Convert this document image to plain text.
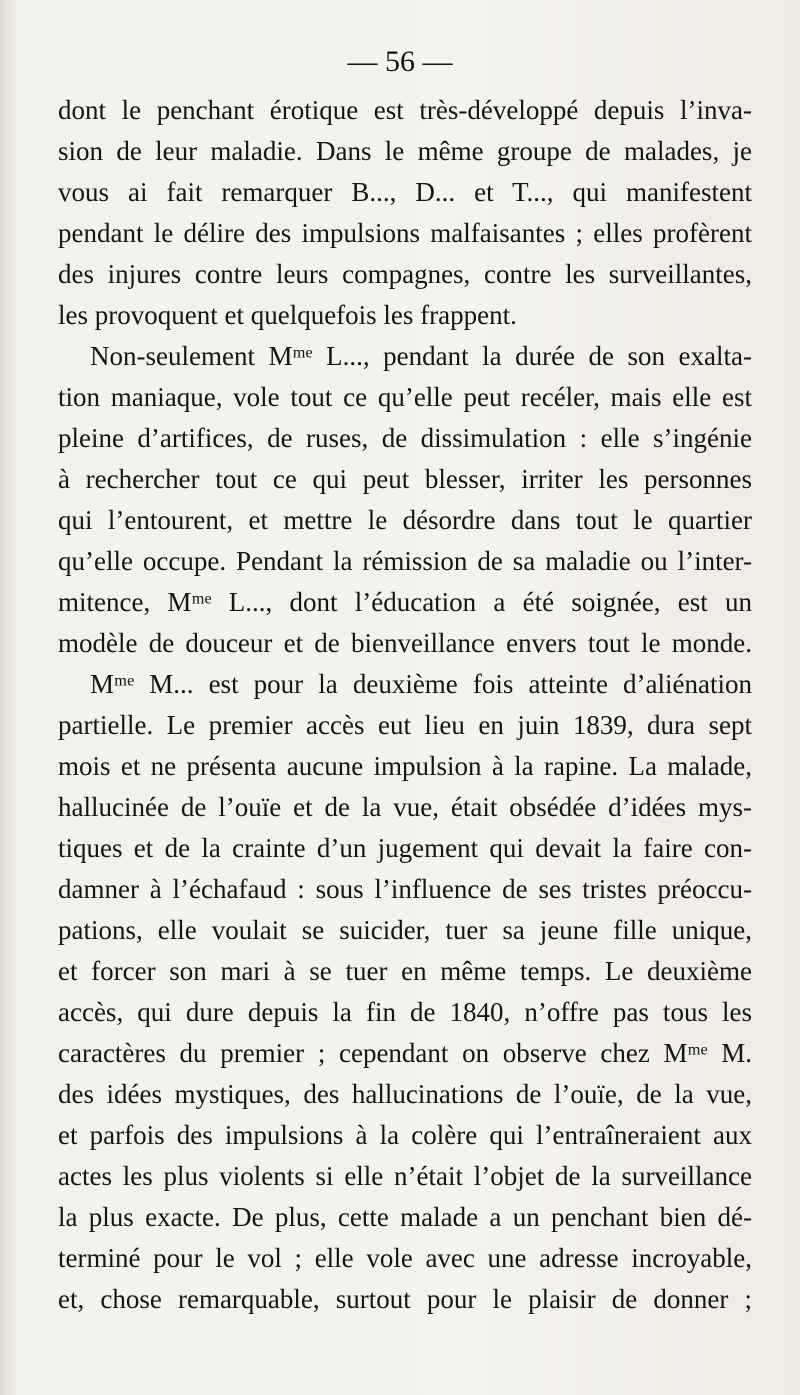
— 56 —

dont le penchant érotique est très-développé depuis l’inva-
sion de leur maladie. Dans le même groupe de malades, je
vous ai fait remarquer B..., D... et T..., qui manifestent
pendant le délire des impulsions malfaisantes ; elles profèrent
des injures contre leurs compagnes, contre les surveillantes,
les provoquent et quelquefois les frappent.
Non-seulement Mᵐᵉ L..., pendant la durée de son exalta-
tion maniaque, vole tout ce qu’elle peut recéler, mais elle est
pleine d’artifices, de ruses, de dissimulation : elle s’ingénie
à rechercher tout ce qui peut blesser, irriter les personnes
qui l’entourent, et mettre le désordre dans tout le quartier
qu’elle occupe. Pendant la rémission de sa maladie ou l’inter-
mitence, Mᵐᵉ L..., dont l’éducation a été soignée, est un
modèle de douceur et de bienveillance envers tout le monde.
Mᵐᵉ M... est pour la deuxième fois atteinte d’aliénation
partielle. Le premier accès eut lieu en juin 1839, dura sept
mois et ne présenta aucune impulsion à la rapine. La malade,
hallucinée de l’ouïe et de la vue, était obsédée d’idées mys-
tiques et de la crainte d’un jugement qui devait la faire con-
damner à l’échafaud : sous l’influence de ses tristes préoccu-
pations, elle voulait se suicider, tuer sa jeune fille unique,
et forcer son mari à se tuer en même temps. Le deuxième
accès, qui dure depuis la fin de 1840, n’offre pas tous les
caractères du premier ; cependant on observe chez Mᵐᵉ M.
des idées mystiques, des hallucinations de l’ouïe, de la vue,
et parfois des impulsions à la colère qui l’entraîneraient aux
actes les plus violents si elle n’était l’objet de la surveillance
la plus exacte. De plus, cette malade a un penchant bien dé-
terminé pour le vol ; elle vole avec une adresse incroyable,
et, chose remarquable, surtout pour le plaisir de donner ;
